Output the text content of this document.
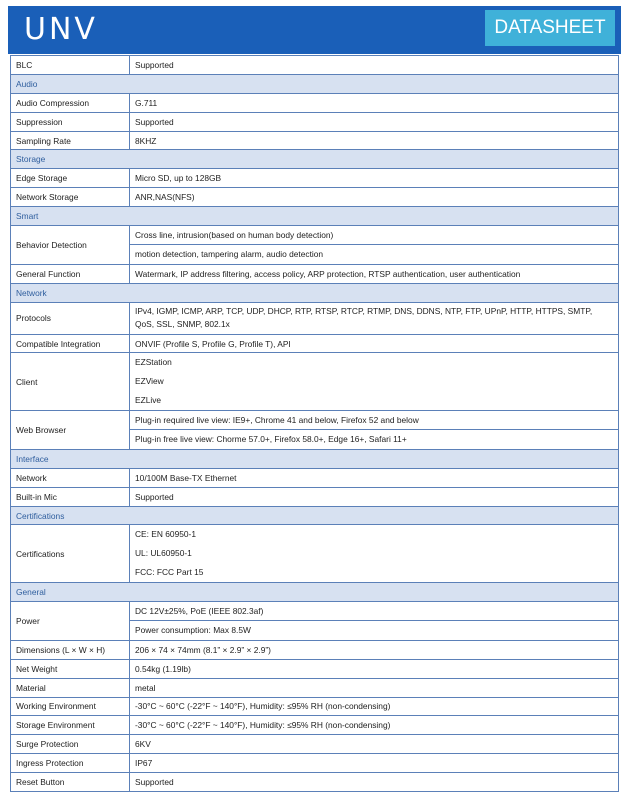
UNV	DATASHEET
BLC	Supported
Audio	
Audio Compression	G.711
Suppression	Supported
Sampling Rate	8KHZ
Storage	
Edge Storage	Micro SD, up to 128GB
Network Storage	ANR,NAS(NFS)
Smart	
Behavior Detection	Cross line, intrusion(based on human body detection)
motion detection, tampering alarm, audio detection

General Function	Watermark, IP address filtering, access policy, ARP protection, RTSP authentication, user authentication
Network	
Protocols	IPv4, IGMP, ICMP, ARP, TCP, UDP, DHCP, RTP, RTSP, RTCP, RTMP, DNS, DDNS, NTP, FTP, UPnP, HTTP, HTTPS, SMTP, QoS, SSL, SNMP, 802.1x
Compatible Integration	ONVIF (Profile S, Profile G, Profile T), API
Client	EZStation
EZView
EZLive

Web Browser	Plug-in required live view: IE9+, Chrome 41 and below, Firefox 52 and below
Plug-in free live view: Chorme 57.0+, Firefox 58.0+, Edge 16+, Safari 11+

Interface	
Network	10/100M Base-TX Ethernet
Built-in Mic	Supported
Certifications	
Certifications	CE: EN 60950-1
UL: UL60950-1
FCC: FCC Part 15

General	
Power	DC 12V±25%, PoE (IEEE 802.3af)
Power consumption: Max 8.5W

Dimensions (L × W × H)	206 × 74 × 74mm (8.1” × 2.9” × 2.9”)
Net Weight	0.54kg (1.19lb)
Material	metal
Working Environment	-30°C ~ 60°C (-22°F ~ 140°F), Humidity: ≤95% RH (non-condensing)
Storage Environment	-30°C ~ 60°C (-22°F ~ 140°F), Humidity: ≤95% RH (non-condensing)
Surge Protection	6KV
Ingress Protection	IP67
Reset Button	Supported
